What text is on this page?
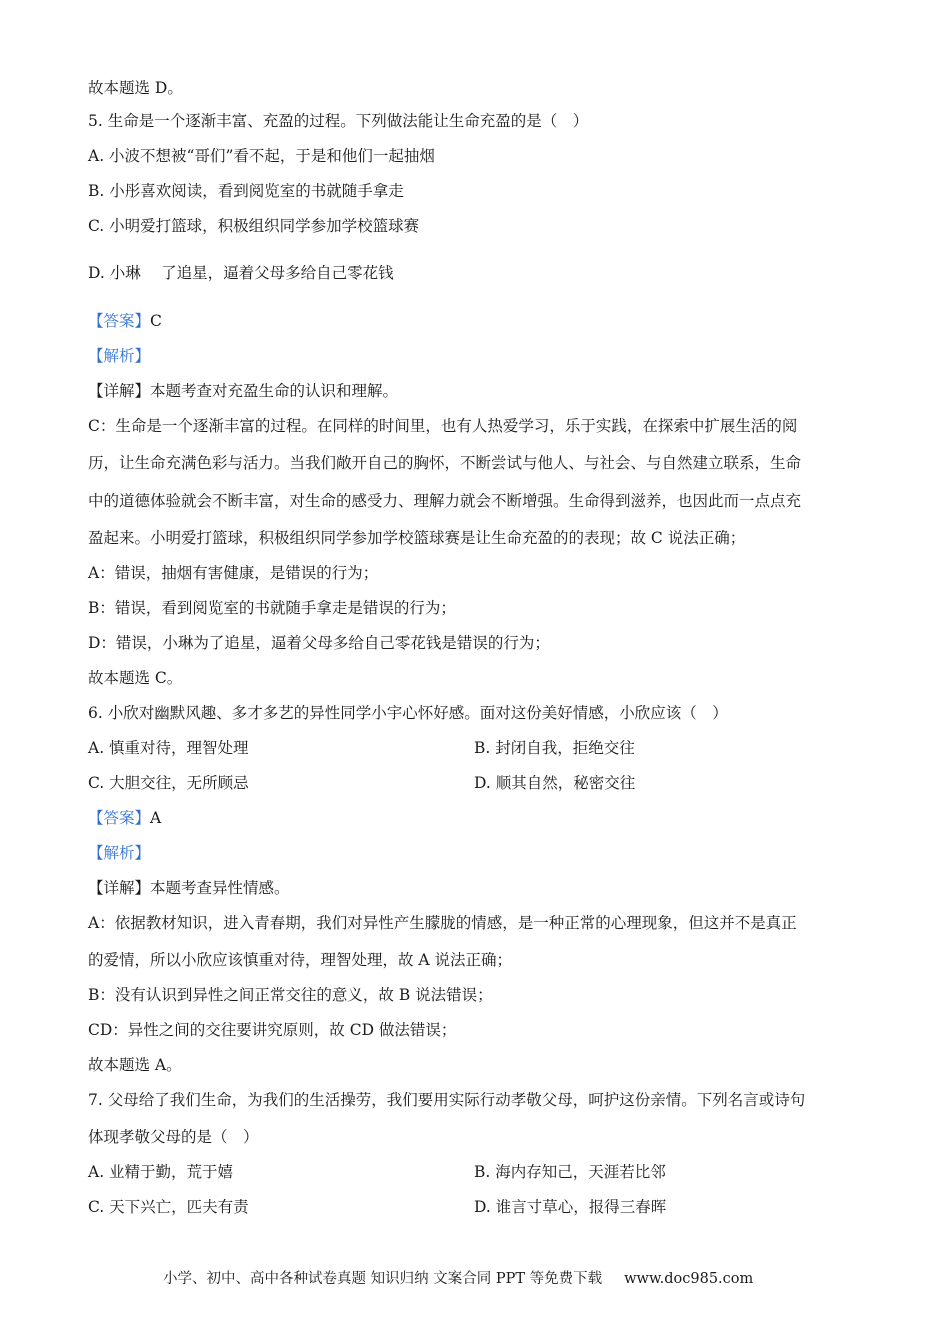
故本题选 D。
5. 生命是一个逐渐丰富、充盈的过程。下列做法能让生命充盈的是（　）
A. 小波不想被“哥们”看不起，于是和他们一起抽烟
B. 小彤喜欢阅读，看到阅览室的书就随手拿走
C. 小明爱打篮球，积极组织同学参加学校篮球赛
D. 小琳　 了追星，逼着父母多给自己零花钱
【答案】C
【解析】
【详解】本题考查对充盈生命的认识和理解。
C：生命是一个逐渐丰富的过程。在同样的时间里，也有人热爱学习，乐于实践，在探索中扩展生活的阅
历，让生命充满色彩与活力。当我们敞开自己的胸怀，不断尝试与他人、与社会、与自然建立联系，生命
中的道德体验就会不断丰富，对生命的感受力、理解力就会不断增强。生命得到滋养，也因此而一点点充
盈起来。小明爱打篮球，积极组织同学参加学校篮球赛是让生命充盈的的表现；故 C 说法正确；
A：错误，抽烟有害健康，是错误的行为；
B：错误，看到阅览室的书就随手拿走是错误的行为；
D：错误，小琳为了追星，逼着父母多给自己零花钱是错误的行为；
故本题选 C。
6. 小欣对幽默风趣、多才多艺的异性同学小宇心怀好感。面对这份美好情感，小欣应该（　）
A. 慎重对待，理智处理	B. 封闭自我，拒绝交往
C. 大胆交往，无所顾忌	D. 顺其自然，秘密交往
【答案】A
【解析】
【详解】本题考查异性情感。
A：依据教材知识，进入青春期，我们对异性产生朦胧的情感，是一种正常的心理现象，但这并不是真正
的爱情，所以小欣应该慎重对待，理智处理，故 A 说法正确；
B：没有认识到异性之间正常交往的意义，故 B 说法错误；
CD：异性之间的交往要讲究原则，故 CD 做法错误；
故本题选 A。
7. 父母给了我们生命，为我们的生活操劳，我们要用实际行动孝敬父母，呵护这份亲情。下列名言或诗句
体现孝敬父母的是（　）
A. 业精于勤，荒于嬉	B. 海内存知己，天涯若比邻
C. 天下兴亡，匹夫有责	D. 谁言寸草心，报得三春晖
小学、初中、高中各种试卷真题 知识归纳 文案合同 PPT 等免费下载 www.doc985.com
